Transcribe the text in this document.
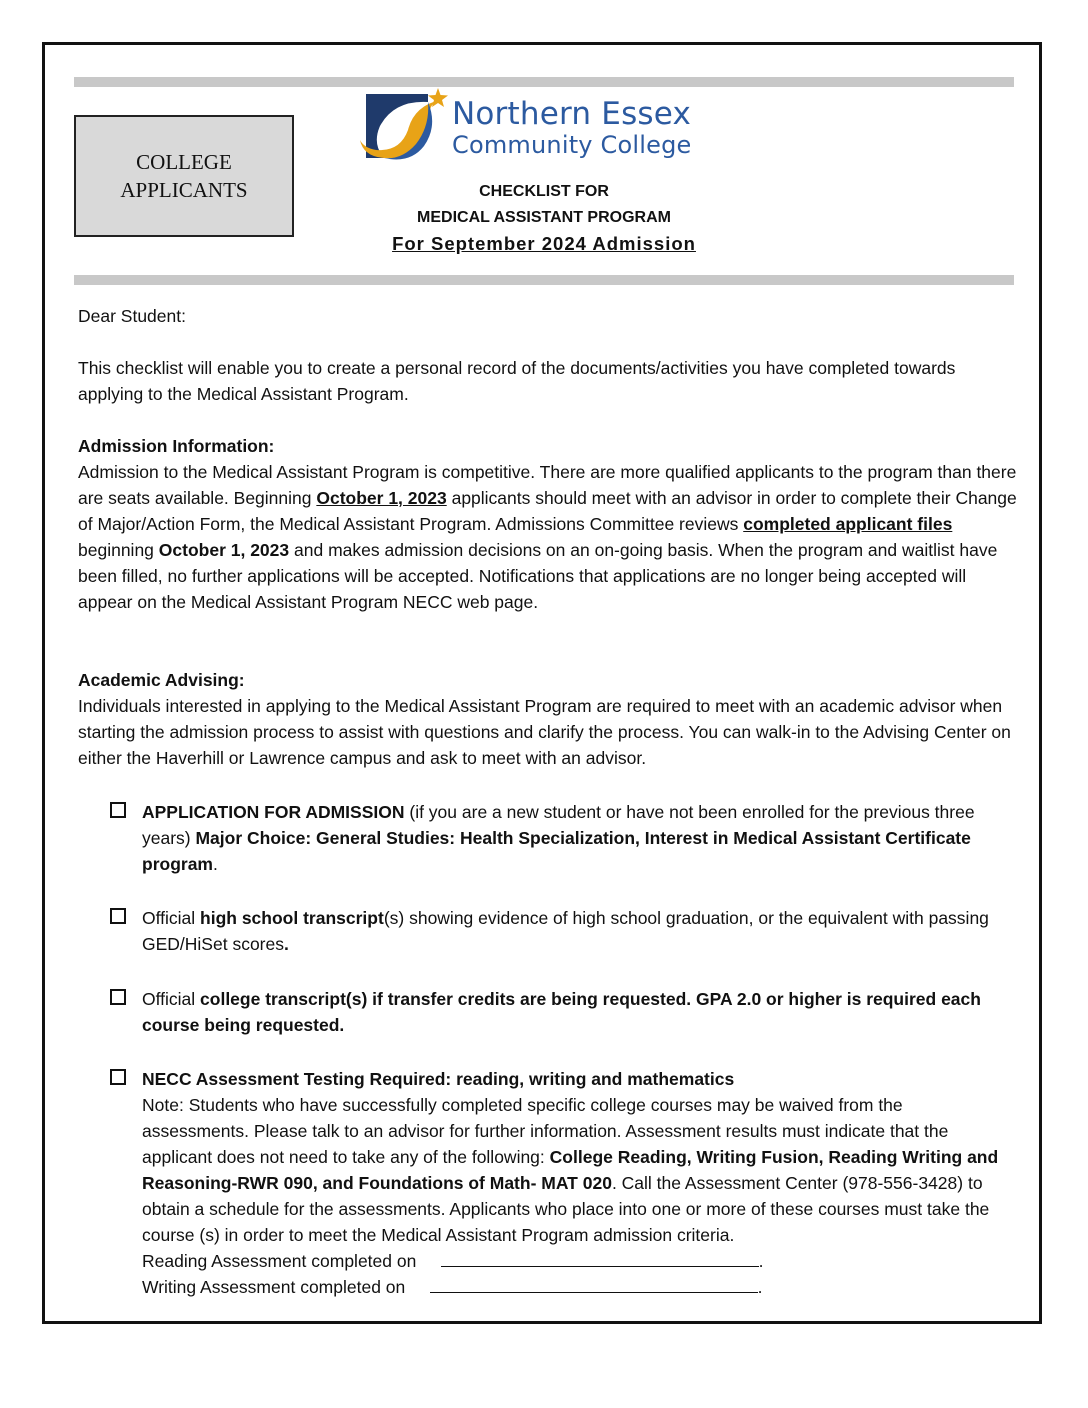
COLLEGE
APPLICANTS
Northern Essex
Community College
CHECKLIST FOR
MEDICAL ASSISTANT PROGRAM
For September 2024 Admission

Dear Student:

This checklist will enable you to create a personal record of the documents/activities you have completed towards applying to the Medical Assistant Program.

Admission Information:

Admission to the Medical Assistant Program is competitive. There are more qualified applicants to the program than there are seats available. Beginning October 1, 2023 applicants should meet with an advisor in order to complete their Change of Major/Action Form, the Medical Assistant Program. Admissions Committee reviews completed applicant files beginning October 1, 2023 and makes admission decisions on an on-going basis. When the program and waitlist have been filled, no further applications will be accepted. Notifications that applications are no longer being accepted will appear on the Medical Assistant Program NECC web page.

Academic Advising:

Individuals interested in applying to the Medical Assistant Program are required to meet with an academic advisor when starting the admission process to assist with questions and clarify the process. You can walk-in to the Advising Center on either the Haverhill or Lawrence campus and ask to meet with an advisor.

APPLICATION FOR ADMISSION (if you are a new student or have not been enrolled for the previous three years) Major Choice: General Studies: Health Specialization, Interest in Medical Assistant Certificate program.
Official high school transcript(s) showing evidence of high school graduation, or the equivalent with passing GED/HiSet scores.
Official college transcript(s) if transfer credits are being requested. GPA 2.0 or higher is required each course being requested.
NECC Assessment Testing Required: reading, writing and mathematics
Note: Students who have successfully completed specific college courses may be waived from the assessments. Please talk to an advisor for further information. Assessment results must indicate that the applicant does not need to take any of the following: College Reading, Writing Fusion, Reading Writing and Reasoning-RWR 090, and Foundations of Math- MAT 020. Call the Assessment Center (978-556-3428) to obtain a schedule for the assessments. Applicants who place into one or more of these courses must take the course (s) in order to meet the Medical Assistant Program admission criteria.
Reading Assessment completed on	.
Writing Assessment completed on	.
